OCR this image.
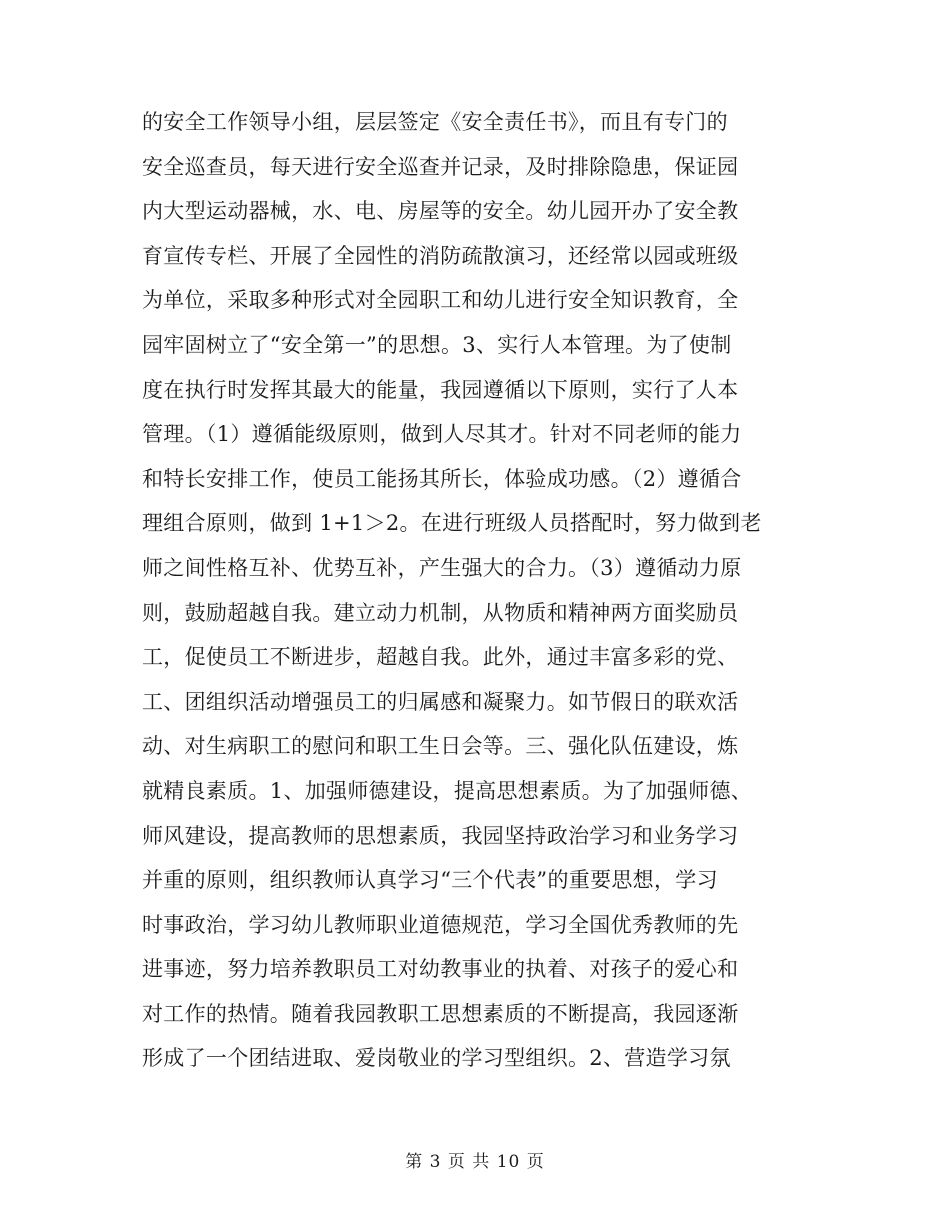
的安全工作领导小组，层层签定《安全责任书》，而且有专门的
安全巡查员，每天进行安全巡查并记录，及时排除隐患，保证园
内大型运动器械，水、电、房屋等的安全。幼儿园开办了安全教
育宣传专栏、开展了全园性的消防疏散演习，还经常以园或班级
为单位，采取多种形式对全园职工和幼儿进行安全知识教育，全
园牢固树立了“安全第一”的思想。3、实行人本管理。为了使制
度在执行时发挥其最大的能量，我园遵循以下原则，实行了人本
管理。（1）遵循能级原则，做到人尽其才。针对不同老师的能力
和特长安排工作，使员工能扬其所长，体验成功感。（2）遵循合
理组合原则，做到 1+1＞2。在进行班级人员搭配时，努力做到老
师之间性格互补、优势互补，产生强大的合力。（3）遵循动力原
则，鼓励超越自我。建立动力机制，从物质和精神两方面奖励员
工，促使员工不断进步，超越自我。此外，通过丰富多彩的党、
工、团组织活动增强员工的归属感和凝聚力。如节假日的联欢活
动、对生病职工的慰问和职工生日会等。三、强化队伍建设，炼
就精良素质。1、加强师德建设，提高思想素质。为了加强师德、
师风建设，提高教师的思想素质，我园坚持政治学习和业务学习
并重的原则，组织教师认真学习“三个代表”的重要思想，学习
时事政治，学习幼儿教师职业道德规范，学习全国优秀教师的先
进事迹，努力培养教职员工对幼教事业的执着、对孩子的爱心和
对工作的热情。随着我园教职工思想素质的不断提高，我园逐渐
形成了一个团结进取、爱岗敬业的学习型组织。2、营造学习氛
第 3 页 共 10 页
